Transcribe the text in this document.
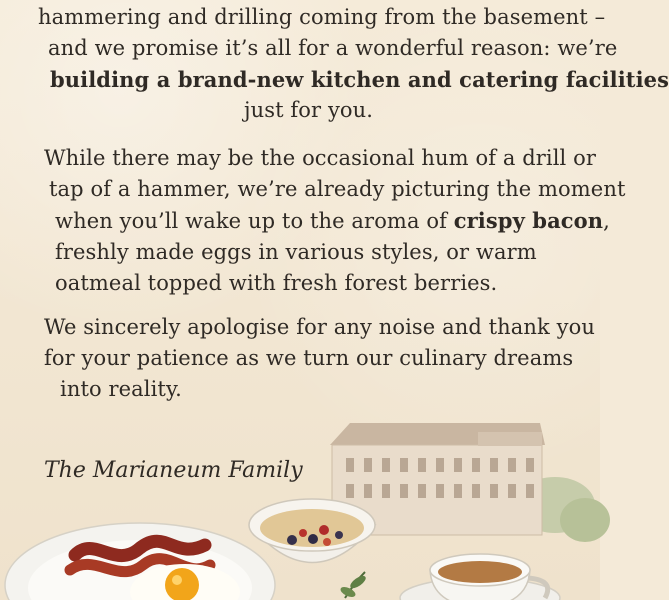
hammering and drilling coming from the basement –
and we promise it’s all for a wonderful reason: we’re
building a brand-new kitchen and catering facilities
just for you.
While there may be the occasional hum of a drill or
tap of a hammer, we’re already picturing the moment
when you’ll wake up to the aroma of crispy bacon,
freshly made eggs in various styles, or warm
oatmeal topped with fresh forest berries.
We sincerely apologise for any noise and thank you
for your patience as we turn our culinary dreams
into reality.
The Marianeum Family
